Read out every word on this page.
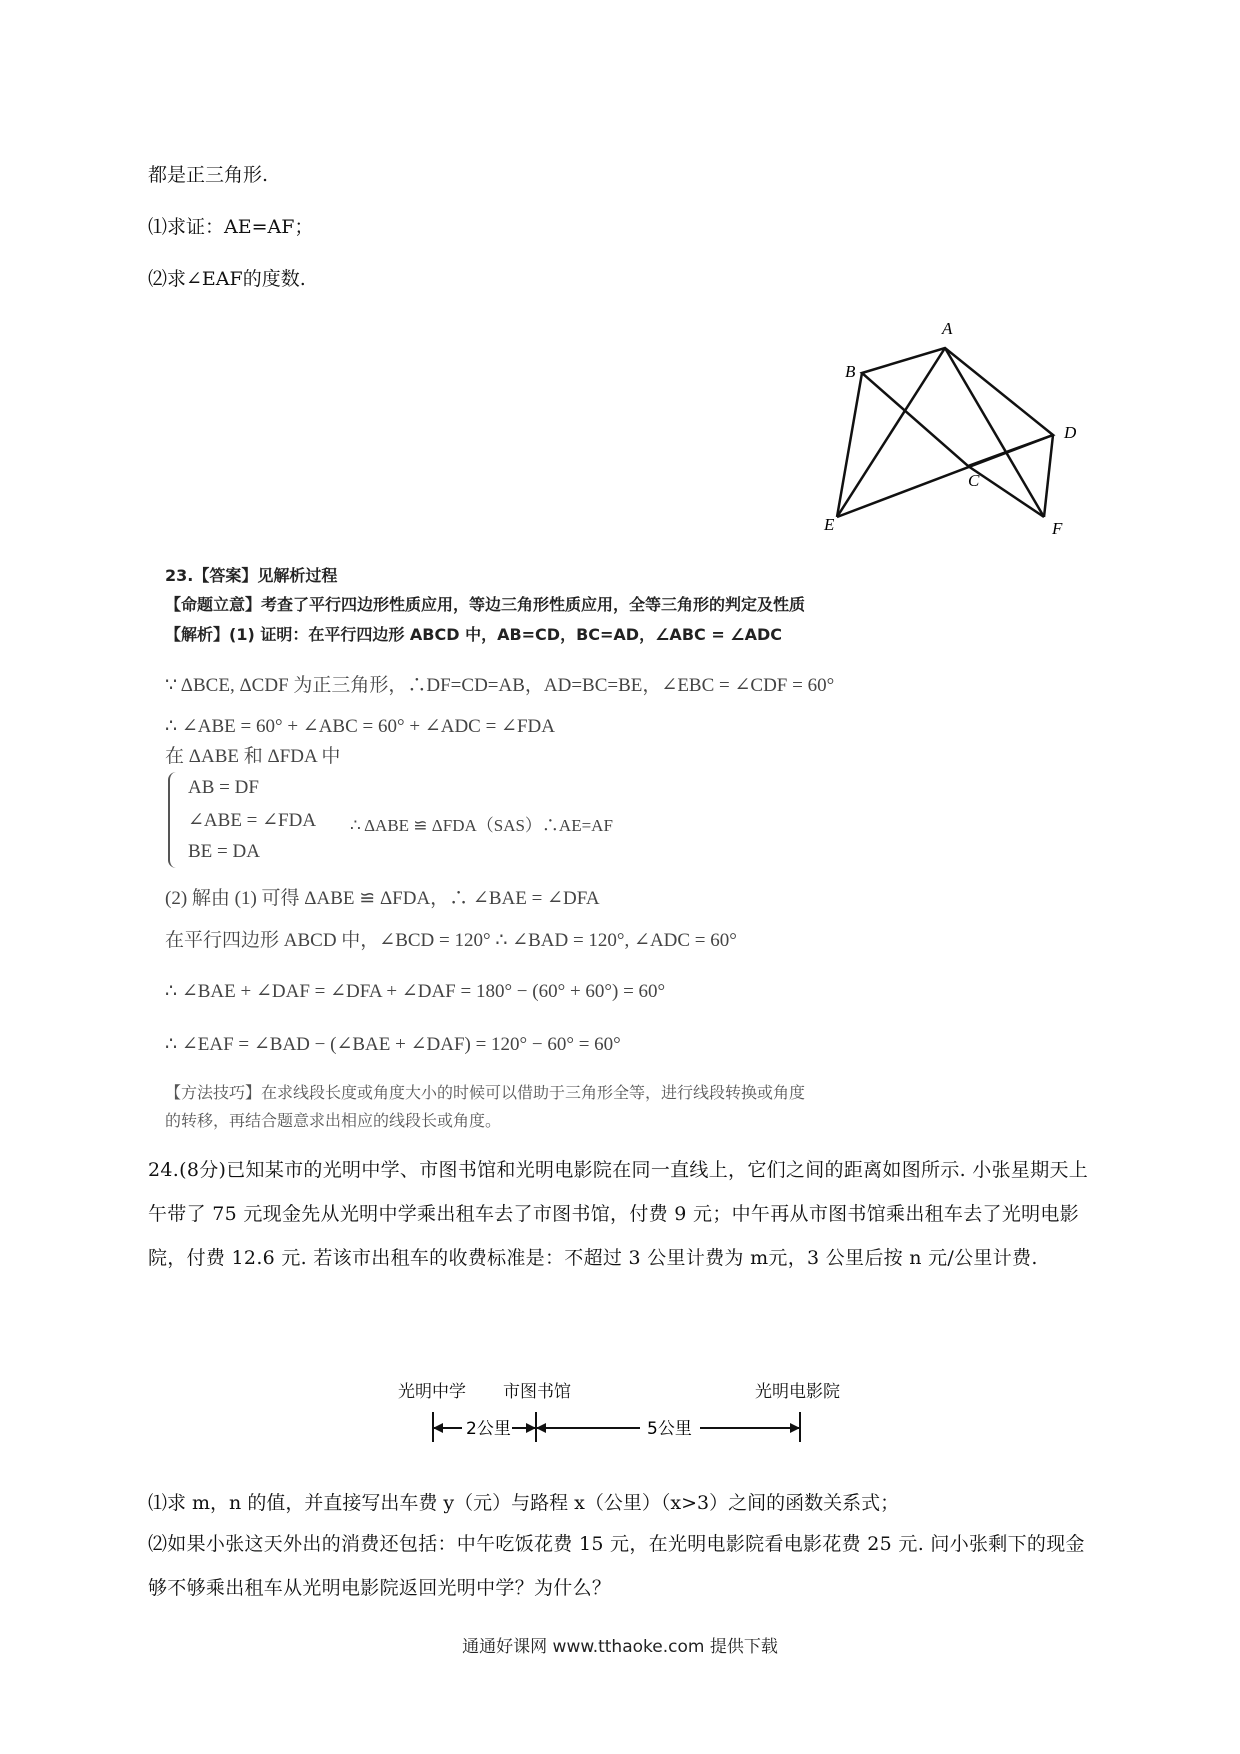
都是正三角形.
⑴求证：AE=AF；
⑵求∠EAF的度数.
A
B
C
D
E	F
23.【答案】见解析过程
【命题立意】考查了平行四边形性质应用，等边三角形性质应用，全等三角形的判定及性质
【解析】(1) 证明：在平行四边形 ABCD 中，AB=CD，BC=AD，∠ABC = ∠ADC
∵ ΔBCE, ΔCDF 为正三角形，∴DF=CD=AB，AD=BC=BE，∠EBC = ∠CDF = 60°
∴ ∠ABE = 60° + ∠ABC = 60° + ∠ADC = ∠FDA
在 ΔABE 和 ΔFDA 中
AB = DF
∠ABE = ∠FDA
BE = DA
∴ ΔABE ≌ ΔFDA（SAS）∴AE=AF
(2) 解由 (1) 可得 ΔABE ≌ ΔFDA，∴ ∠BAE = ∠DFA
在平行四边形 ABCD 中，∠BCD = 120° ∴ ∠BAD = 120°, ∠ADC = 60°
∴ ∠BAE + ∠DAF = ∠DFA + ∠DAF = 180° − (60° + 60°) = 60°
∴ ∠EAF = ∠BAD − (∠BAE + ∠DAF) = 120° − 60° = 60°
【方法技巧】在求线段长度或角度大小的时候可以借助于三角形全等，进行线段转换或角度
的转移，再结合题意求出相应的线段长或角度。
24.(8分)已知某市的光明中学、市图书馆和光明电影院在同一直线上，它们之间的距离如图所示. 小张星期天上午带了 75 元现金先从光明中学乘出租车去了市图书馆，付费 9 元；中午再从市图书馆乘出租车去了光明电影院，付费 12.6 元. 若该市出租车的收费标准是：不超过 3 公里计费为 m元，3 公里后按 n 元/公里计费.
光明中学 市图书馆	光明电影院
2公里	5公里
⑴求 m，n 的值，并直接写出车费 y（元）与路程 x（公里）（x>3）之间的函数关系式；
⑵如果小张这天外出的消费还包括：中午吃饭花费 15 元，在光明电影院看电影花费 25 元. 问小张剩下的现金够不够乘出租车从光明电影院返回光明中学？为什么？
通通好课网 www.tthaoke.com 提供下载
